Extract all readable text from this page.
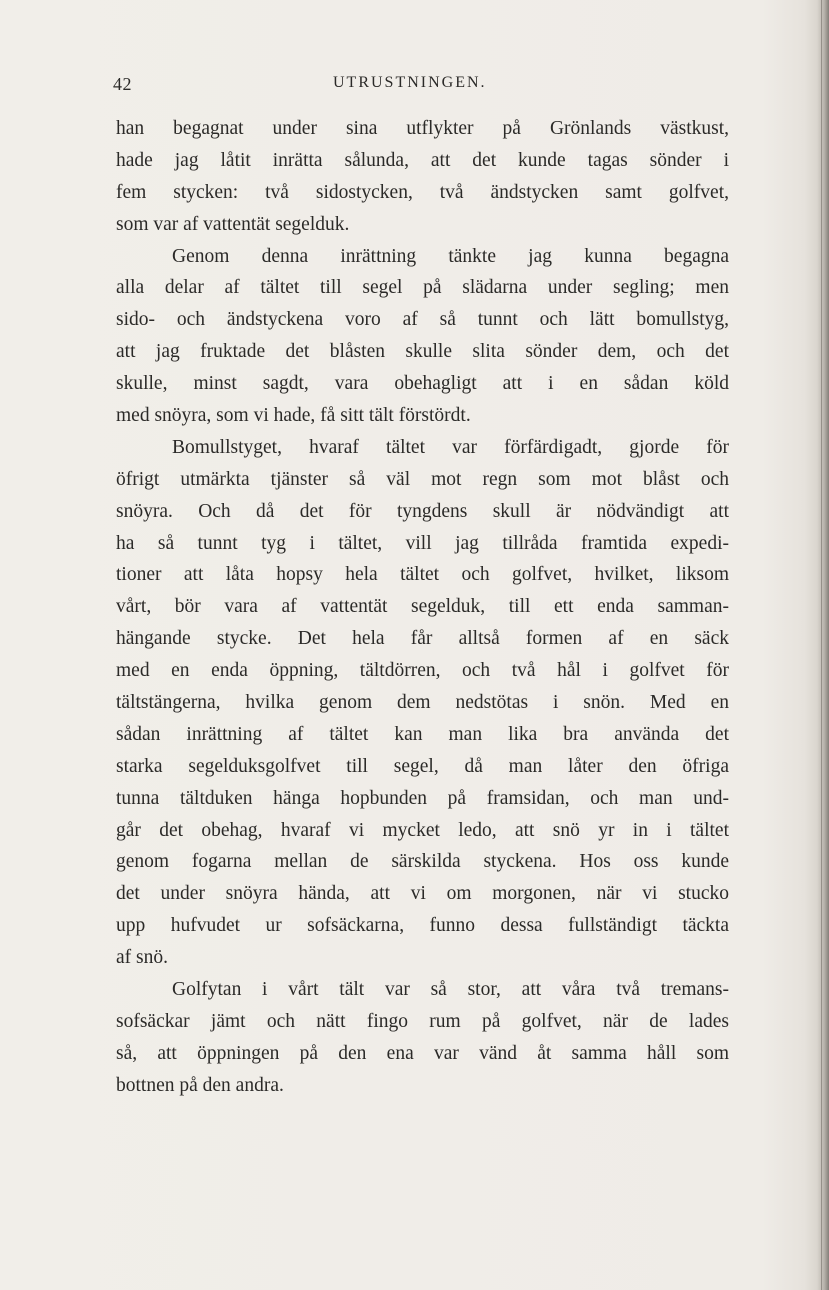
42	UTRUSTNINGEN.
han begagnat under sina utflykter på Grönlands västkust,
hade jag låtit inrätta sålunda, att det kunde tagas sönder i
fem stycken: två sidostycken, två ändstycken samt golfvet,
som var af vattentät segelduk.
Genom denna inrättning tänkte jag kunna begagna
alla delar af tältet till segel på slädarna under segling; men
sido- och ändstyckena voro af så tunnt och lätt bomullstyg,
att jag fruktade det blåsten skulle slita sönder dem, och det
skulle, minst sagdt, vara obehagligt att i en sådan köld
med snöyra, som vi hade, få sitt tält förstördt.
Bomullstyget, hvaraf tältet var förfärdigadt, gjorde för
öfrigt utmärkta tjänster så väl mot regn som mot blåst och
snöyra. Och då det för tyngdens skull är nödvändigt att
ha så tunnt tyg i tältet, vill jag tillråda framtida expedi-
tioner att låta hopsy hela tältet och golfvet, hvilket, liksom
vårt, bör vara af vattentät segelduk, till ett enda samman-
hängande stycke. Det hela får alltså formen af en säck
med en enda öppning, tältdörren, och två hål i golfvet för
tältstängerna, hvilka genom dem nedstötas i snön. Med en
sådan inrättning af tältet kan man lika bra använda det
starka segelduksgolfvet till segel, då man låter den öfriga
tunna tältduken hänga hopbunden på framsidan, och man und-
går det obehag, hvaraf vi mycket ledo, att snö yr in i tältet
genom fogarna mellan de särskilda styckena. Hos oss kunde
det under snöyra hända, att vi om morgonen, när vi stucko
upp hufvudet ur sofsäckarna, funno dessa fullständigt täckta
af snö.
Golfytan i vårt tält var så stor, att våra två tremans-
sofsäckar jämt och nätt fingo rum på golfvet, när de lades
så, att öppningen på den ena var vänd åt samma håll som
bottnen på den andra.
